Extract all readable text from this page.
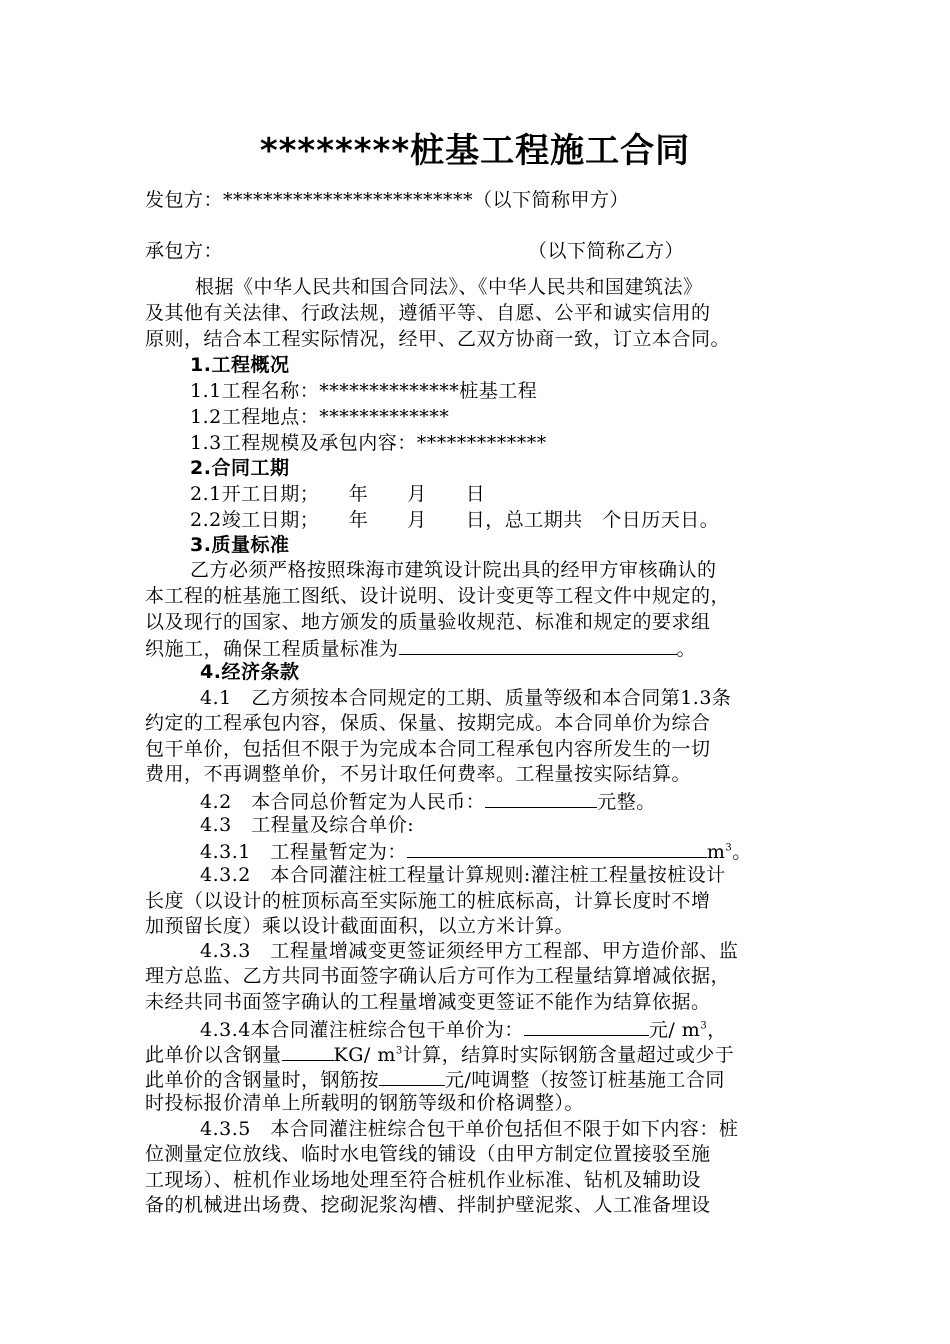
********桩基工程施工合同
发包方：*************************（以下简称甲方）
承包方：	（以下简称乙方）
根据《中华人民共和国合同法》、《中华人民共和国建筑法》
及其他有关法律、行政法规，遵循平等、自愿、公平和诚实信用的
原则，结合本工程实际情况，经甲、乙双方协商一致，订立本合同。
1.工程概况
1.1工程名称：**************桩基工程
1.2工程地点：*************
1.3工程规模及承包内容：*************
2.合同工期
2.1开工日期；　　年　　月　　日
2.2竣工日期；　　年　　月　　日，总工期共　个日历天日。
3.质量标准
乙方必须严格按照珠海市建筑设计院出具的经甲方审核确认的
本工程的桩基施工图纸、设计说明、设计变更等工程文件中规定的，
以及现行的国家、地方颁发的质量验收规范、标准和规定的要求组
织施工，确保工程质量标准为	。
4.经济条款
4.1　乙方须按本合同规定的工期、质量等级和本合同第1.3条
约定的工程承包内容，保质、保量、按期完成。本合同单价为综合
包干单价，包括但不限于为完成本合同工程承包内容所发生的一切
费用，不再调整单价，不另计取任何费率。工程量按实际结算。
4.2　本合同总价暂定为人民币：	元整。
4.3　工程量及综合单价:
4.3.1　工程量暂定为：	$m^3$。
4.3.2　本合同灌注桩工程量计算规则:灌注桩工程量按桩设计
长度（以设计的桩顶标高至实际施工的桩底标高，计算长度时不增
加预留长度）乘以设计截面面积，以立方米计算。
4.3.3　工程量增减变更签证须经甲方工程部、甲方造价部、监
理方总监、乙方共同书面签字确认后方可作为工程量结算增减依据，
未经共同书面签字确认的工程量增减变更签证不能作为结算依据。
4.3.4本合同灌注桩综合包干单价为：	元/ $m^3$，
此单价以含钢量	KG/ $m^3$计算，结算时实际钢筋含量超过或少于
此单价的含钢量时，钢筋按	元/吨调整（按签订桩基施工合同
时投标报价清单上所载明的钢筋等级和价格调整）。
4.3.5　本合同灌注桩综合包干单价包括但不限于如下内容：桩
位测量定位放线、临时水电管线的铺设（由甲方制定位置接驳至施
工现场）、桩机作业场地处理至符合桩机作业标准、钻机及辅助设
备的机械进出场费、挖砌泥浆沟槽、拌制护壁泥浆、人工准备埋设
